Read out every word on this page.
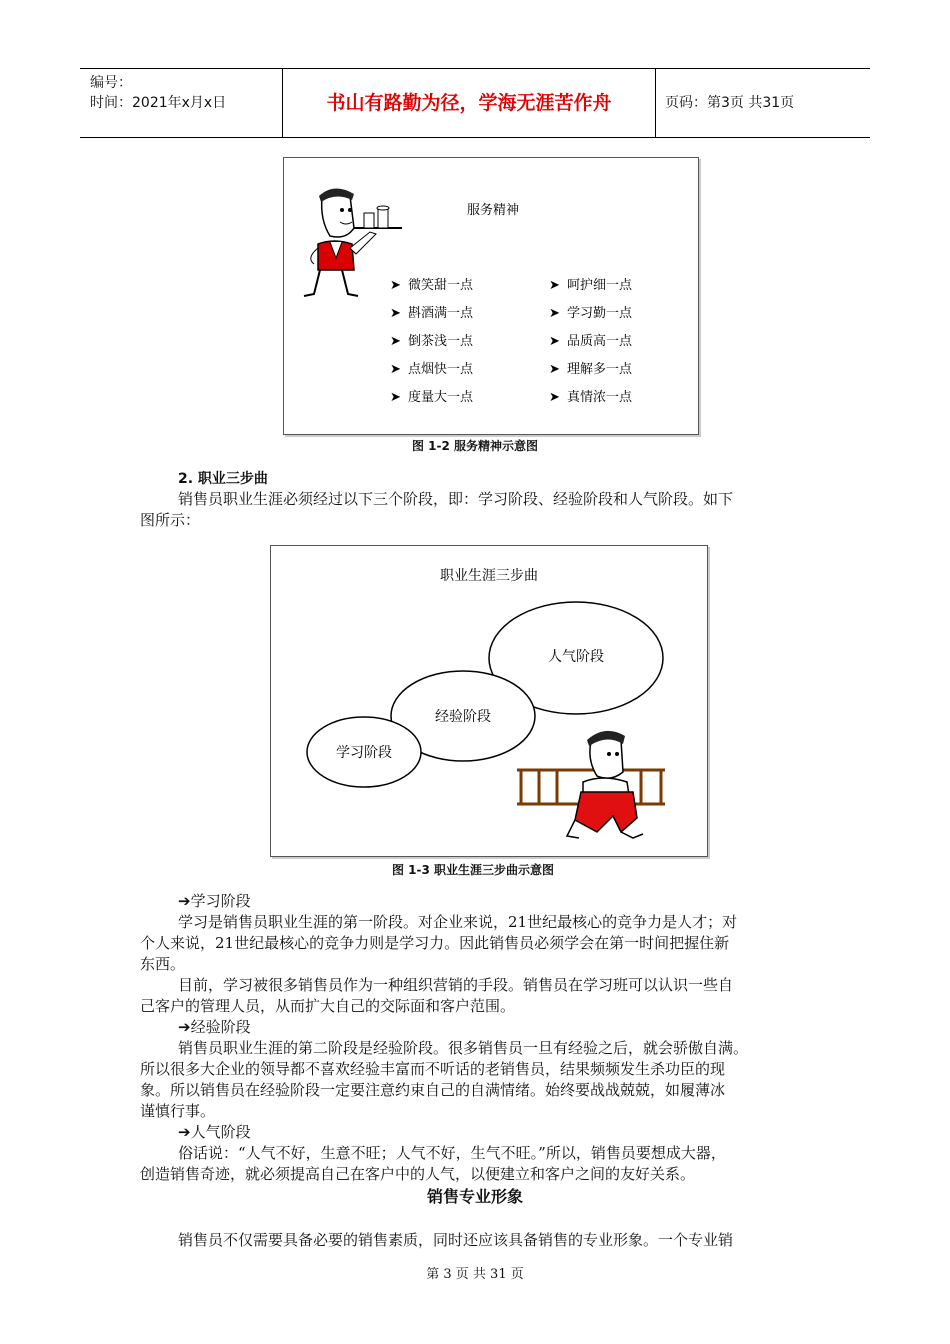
编号：
时间：2021年x月x日	书山有路勤为径，学海无涯苦作舟	页码：第3页 共31页
服务精神
➤ 微笑甜一点
➤ 斟酒满一点
➤ 倒茶浅一点
➤ 点烟快一点
➤ 度量大一点
➤ 呵护细一点
➤ 学习勤一点
➤ 品质高一点
➤ 理解多一点
➤ 真情浓一点
图 1-2 服务精神示意图
2. 职业三步曲
销售员职业生涯必须经过以下三个阶段，即：学习阶段、经验阶段和人气阶段。如下
图所示：
职业生涯三步曲
学习阶段
经验阶段
人气阶段
图 1-3 职业生涯三步曲示意图
➔学习阶段
学习是销售员职业生涯的第一阶段。对企业来说，21世纪最核心的竞争力是人才；对
个人来说，21世纪最核心的竞争力则是学习力。因此销售员必须学会在第一时间把握住新
东西。
目前，学习被很多销售员作为一种组织营销的手段。销售员在学习班可以认识一些自
己客户的管理人员，从而扩大自己的交际面和客户范围。
➔经验阶段
销售员职业生涯的第二阶段是经验阶段。很多销售员一旦有经验之后，就会骄傲自满。
所以很多大企业的领导都不喜欢经验丰富而不听话的老销售员，结果频频发生杀功臣的现
象。所以销售员在经验阶段一定要注意约束自己的自满情绪。始终要战战兢兢，如履薄冰
谨慎行事。
➔人气阶段
俗话说：“人气不好，生意不旺；人气不好，生气不旺。”所以，销售员要想成大器，
创造销售奇迹，就必须提高自己在客户中的人气，以便建立和客户之间的友好关系。
销售专业形象
销售员不仅需要具备必要的销售素质，同时还应该具备销售的专业形象。一个专业销
第 3 页 共 31 页
